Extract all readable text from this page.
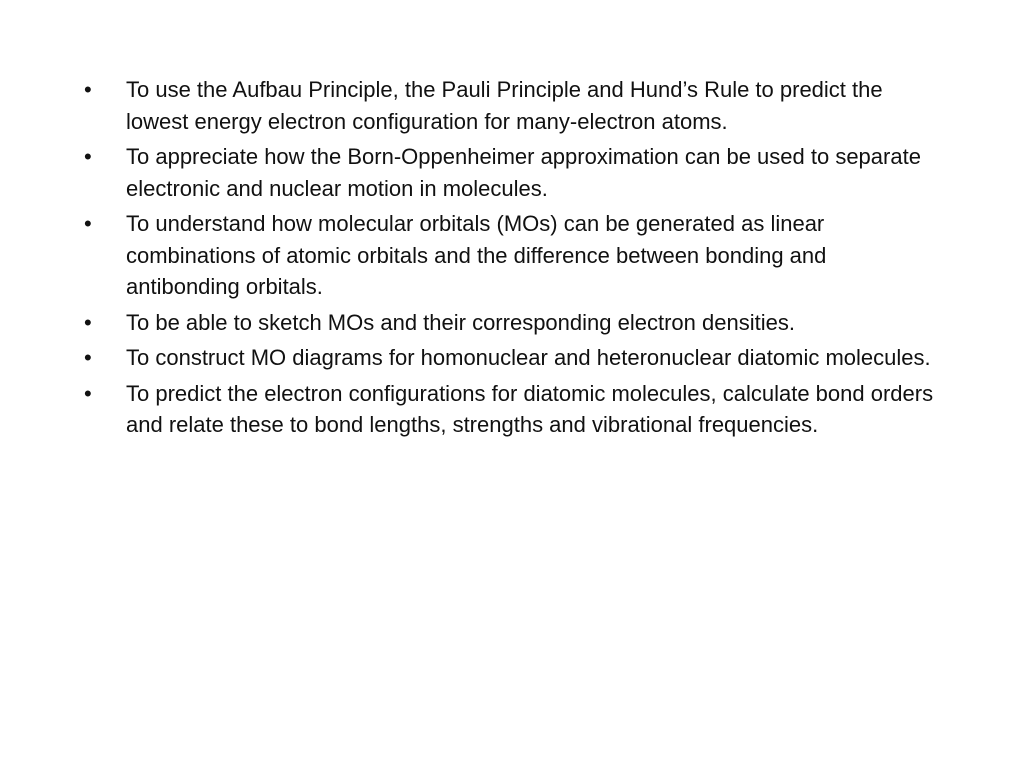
•	To use the Aufbau Principle, the Pauli Principle and Hund’s Rule to predict the lowest energy electron configuration for many-electron atoms.
•	To appreciate how the Born-Oppenheimer approximation can be used to separate electronic and nuclear motion in molecules.
•	To understand how molecular orbitals (MOs) can be generated as linear combinations of atomic orbitals and the difference between bonding and antibonding orbitals.
•	To be able to sketch MOs and their corresponding electron densities.
•	To construct MO diagrams for homonuclear and heteronuclear diatomic molecules.
•	To predict the electron configurations for diatomic molecules, calculate bond orders and relate these to bond lengths, strengths and vibrational frequencies.
